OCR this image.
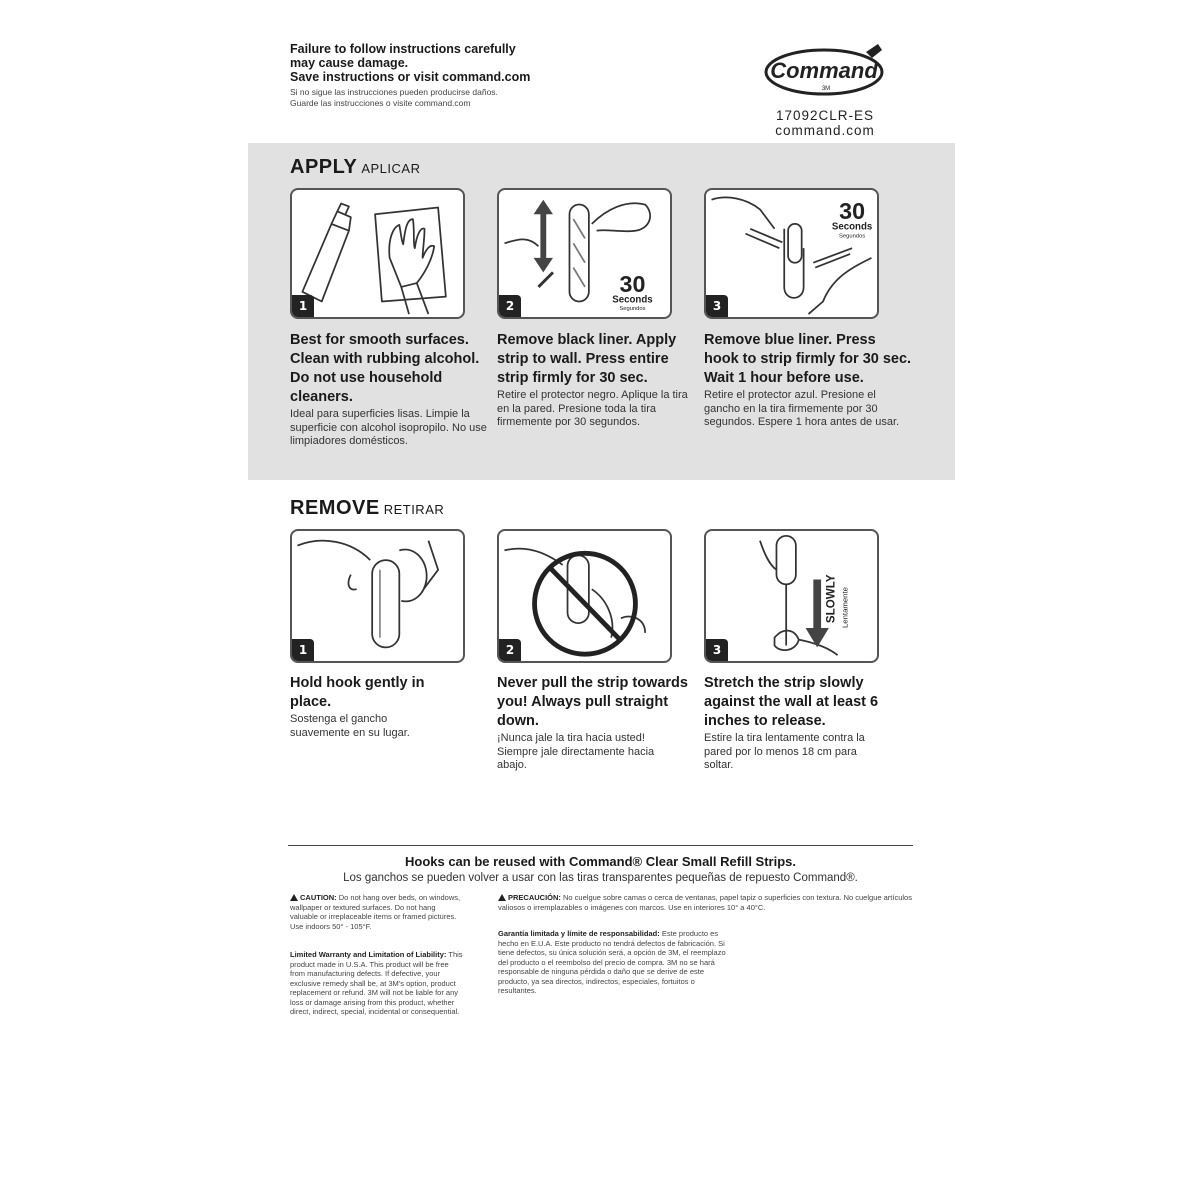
Failure to follow instructions carefully
may cause damage.
Save instructions or visit command.com
Si no sigue las instrucciones pueden producirse daños. Guarde las instrucciones o visite command.com
Command
3M
17092CLR-ES
command.com
APPLY APLICAR
1
30
Seconds
Segundos
2
30
Seconds
Segundos
3
Best for smooth surfaces. Clean with rubbing alcohol. Do not use household cleaners.
Ideal para superficies lisas. Limpie la superficie con alcohol isopropilo. No use limpiadores domésticos.
Remove black liner. Apply strip to wall. Press entire strip firmly for 30 sec.
Retire el protector negro. Aplique la tira en la pared. Presione toda la tira firmemente por 30 segundos.
Remove blue liner. Press hook to strip firmly for 30 sec. Wait 1 hour before use.
Retire el protector azul. Presione el gancho en la tira firmemente por 30 segundos. Espere 1 hora antes de usar.
REMOVE RETIRAR
1	2
SLOWLY Lentamente
3
Hold hook gently in place.
Sostenga el gancho suavemente en su lugar.
Never pull the strip towards you! Always pull straight down.
¡Nunca jale la tira hacia usted! Siempre jale directamente hacia abajo.
Stretch the strip slowly against the wall at least 6 inches to release.
Estire la tira lentamente contra la pared por lo menos 18 cm para soltar.
Hooks can be reused with Command® Clear Small Refill Strips.
Los ganchos se pueden volver a usar con las tiras transparentes pequeñas de repuesto Command®.
CAUTION: Do not hang over beds, on windows, wallpaper or textured surfaces. Do not hang valuable or irreplaceable items or framed pictures. Use indoors 50° - 105°F.
Limited Warranty and Limitation of Liability: This product made in U.S.A. This product will be free from manufacturing defects. If defective, your exclusive remedy shall be, at 3M's option, product replacement or refund. 3M will not be liable for any loss or damage arising from this product, whether direct, indirect, special, incidental or consequential.
PRECAUCIÓN: No cuelgue sobre camas o cerca de ventanas, papel tapiz o superficies con textura. No cuelgue artículos valiosos o irremplazables o imágenes con marcos. Use en interiores 10° a 40°C.
Garantía limitada y límite de responsabilidad: Este producto es hecho en E.U.A. Este producto no tendrá defectos de fabricación. Si tiene defectos, su única solución será, a opción de 3M, el reemplazo del producto o el reembolso del precio de compra. 3M no se hará responsable de ninguna pérdida o daño que se derive de este producto, ya sea directos, indirectos, especiales, fortuitos o resultantes.
